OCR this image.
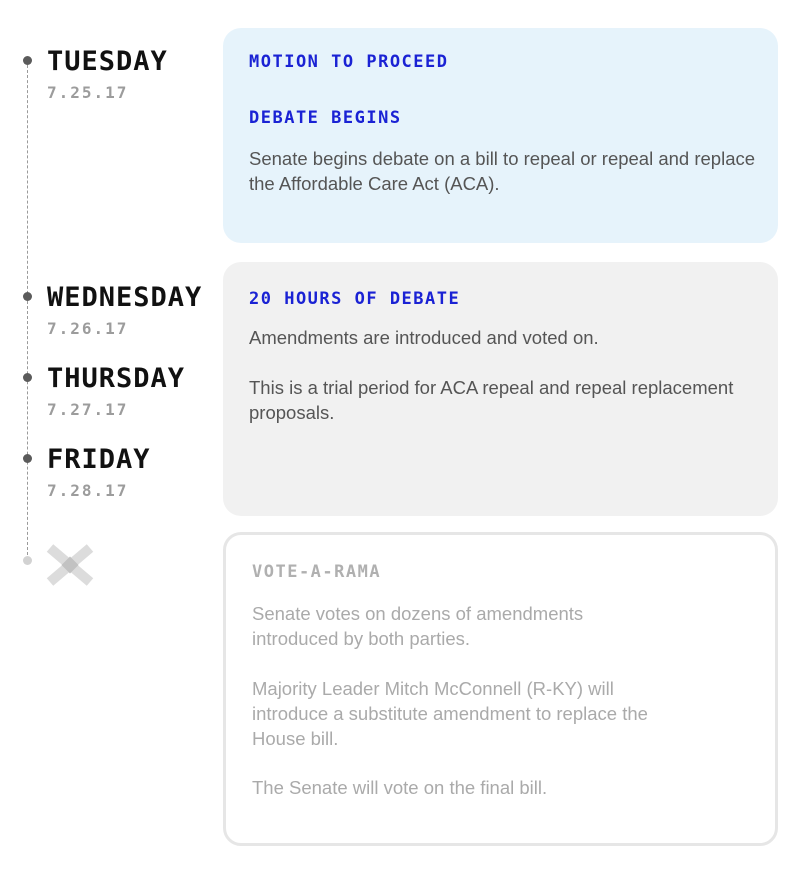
TUESDAY
7.25.17
WEDNESDAY
7.26.17
THURSDAY
7.27.17
FRIDAY
7.28.17
MOTION TO PROCEED
DEBATE BEGINS
Senate begins debate on a bill to repeal or repeal and replace the Affordable Care Act (ACA).
20 HOURS OF DEBATE
Amendments are introduced and voted on.
This is a trial period for ACA repeal and repeal replacement proposals.
VOTE-A-RAMA
Senate votes on dozens of amendments introduced by both parties.
Majority Leader Mitch McConnell (R-KY) will introduce a substitute amendment to replace the House bill.
The Senate will vote on the final bill.
